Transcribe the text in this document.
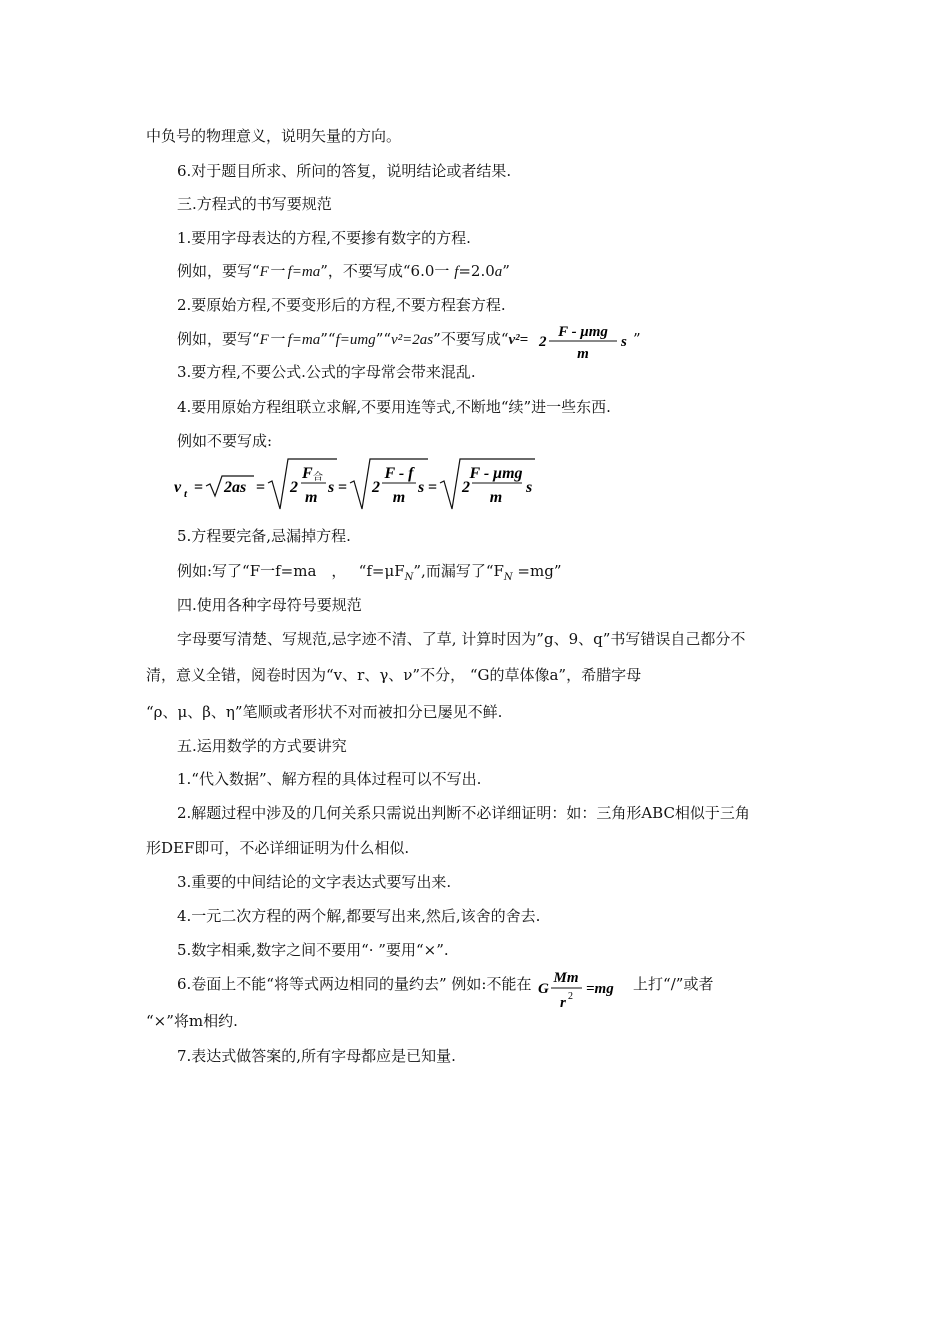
中负号的物理意义，说明矢量的方向。
6.对于题目所求、所问的答复，说明结论或者结果.
三.方程式的书写要规范
1.要用字母表达的方程,不要掺有数字的方程.
例如，要写“F一 f=ma”，不要写成“6.0一 f=2.0a”
2.要原始方程,不要变形后的方程,不要方程套方程.
例如，要写“F一 f=ma”“f=umg”“v²=2as”不要写成“v²= 2
F - μmg
m
s ”
3.要方程,不要公式.公式的字母常会带来混乱.
4.要用原始方程组联立求解,不要用连等式,不断地“续”进一些东西.
例如不要写成:
v t = 2as = 2
F 合
m
s = 2
F - f
m
s = 2
F - μmg
m
s
5.方程要完备,忌漏掉方程.
例如:写了“F一f=ma　，　 “$f=\mu F_N$”,而漏写了“$F_N =mg$”
四.使用各种字母符号要规范
字母要写清楚、写规范,忌字迹不清、了草, 计算时因为”g、9、q”书写错误自己都分不
清，意义全错，阅卷时因为“v、r、γ、ν”不分， “G的草体像a”，希腊字母
“ρ、μ、β、η”笔顺或者形状不对而被扣分已屡见不鲜.
五.运用数学的方式要讲究
1.“代入数据”、解方程的具体过程可以不写出.
2.解题过程中涉及的几何关系只需说出判断不必详细证明：如：三角形ABC相似于三角
形DEF即可，不必详细证明为什么相似.
3.重要的中间结论的文字表达式要写出来.
4.一元二次方程的两个解,都要写出来,然后,该舍的舍去.
5.数字相乘,数字之间不要用“· ”要用“×”.
6.卷面上不能“将等式两边相同的量约去” 例如:不能在 G
Mm
r 2 =mg 上打“/”或者
“×”将m相约.
7.表达式做答案的,所有字母都应是已知量.
